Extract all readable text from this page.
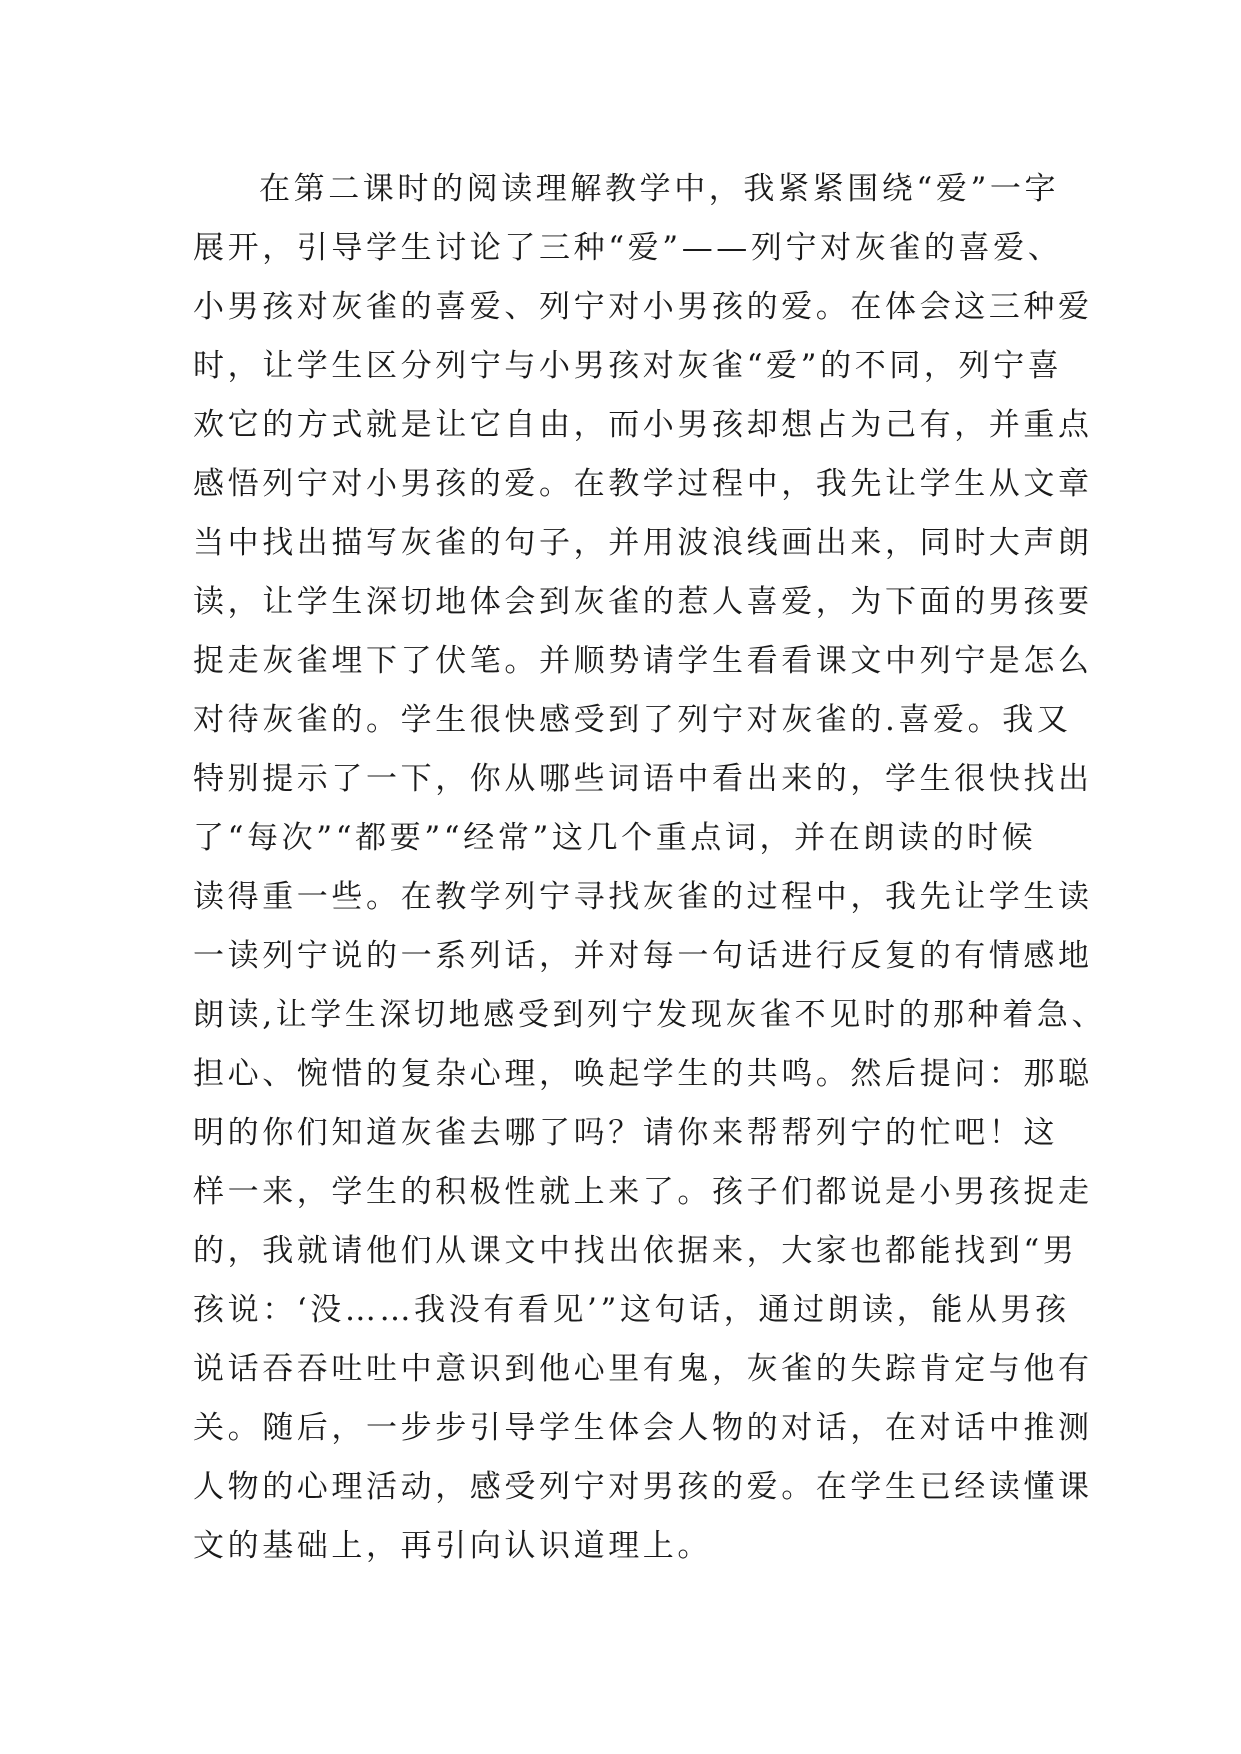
在第二课时的阅读理解教学中，我紧紧围绕“爱”一字
展开，引导学生讨论了三种“爱”——列宁对灰雀的喜爱、
小男孩对灰雀的喜爱、列宁对小男孩的爱。在体会这三种爱
时，让学生区分列宁与小男孩对灰雀“爱”的不同，列宁喜
欢它的方式就是让它自由，而小男孩却想占为己有，并重点
感悟列宁对小男孩的爱。在教学过程中，我先让学生从文章
当中找出描写灰雀的句子，并用波浪线画出来，同时大声朗
读，让学生深切地体会到灰雀的惹人喜爱，为下面的男孩要
捉走灰雀埋下了伏笔。并顺势请学生看看课文中列宁是怎么
对待灰雀的。学生很快感受到了列宁对灰雀的.喜爱。我又
特别提示了一下，你从哪些词语中看出来的，学生很快找出
了“每次”“都要”“经常”这几个重点词，并在朗读的时候
读得重一些。在教学列宁寻找灰雀的过程中，我先让学生读
一读列宁说的一系列话，并对每一句话进行反复的有情感地
朗读,让学生深切地感受到列宁发现灰雀不见时的那种着急、
担心、惋惜的复杂心理，唤起学生的共鸣。然后提问：那聪
明的你们知道灰雀去哪了吗？请你来帮帮列宁的忙吧！这
样一来，学生的积极性就上来了。孩子们都说是小男孩捉走
的，我就请他们从课文中找出依据来，大家也都能找到“男
孩说：‘没……我没有看见’”这句话，通过朗读，能从男孩
说话吞吞吐吐中意识到他心里有鬼，灰雀的失踪肯定与他有
关。随后，一步步引导学生体会人物的对话，在对话中推测
人物的心理活动，感受列宁对男孩的爱。在学生已经读懂课
文的基础上，再引向认识道理上。
